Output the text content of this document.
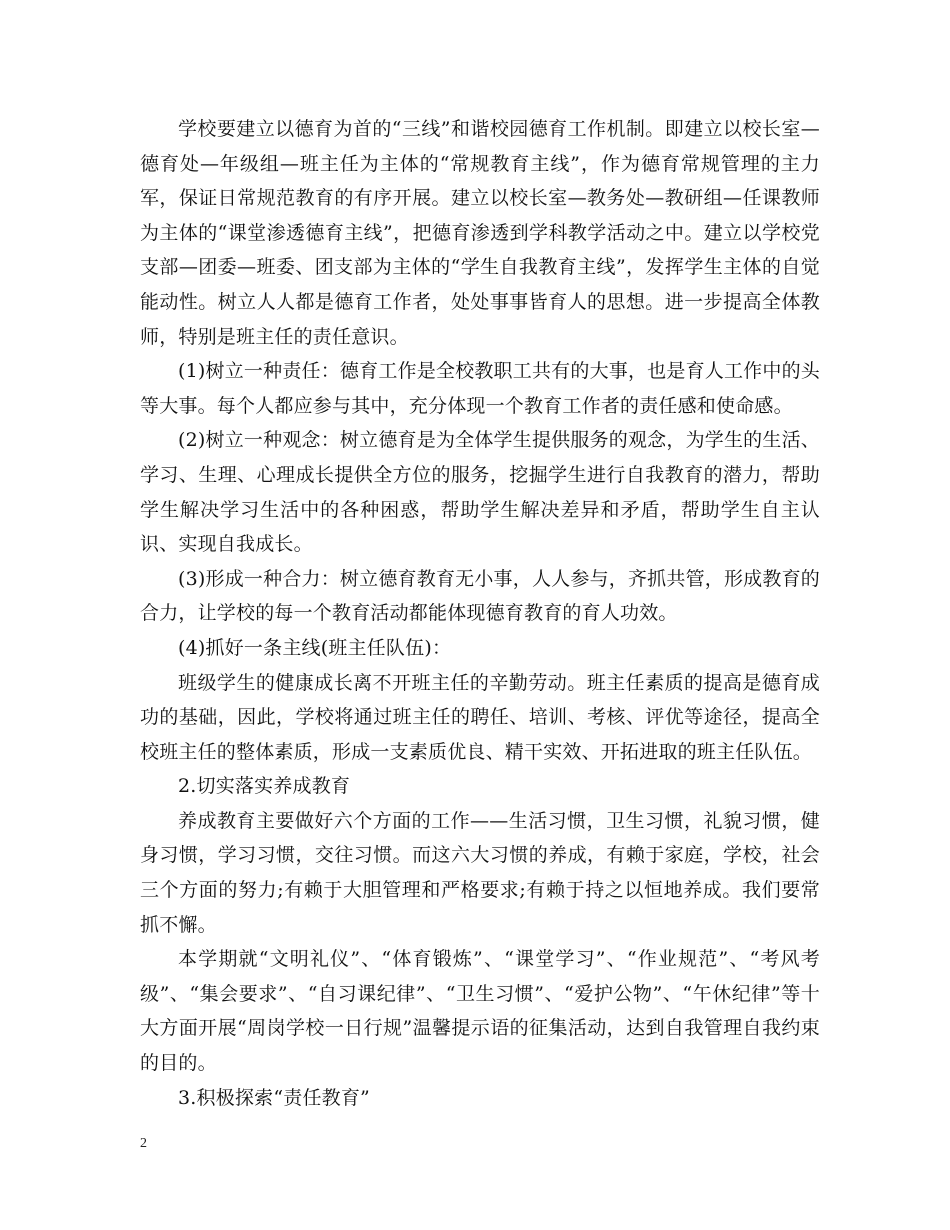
学校要建立以德育为首的“三线”和谐校园德育工作机制。即建立以校长室—德育处—年级组—班主任为主体的“常规教育主线”，作为德育常规管理的主力军，保证日常规范教育的有序开展。建立以校长室—教务处—教研组—任课教师为主体的“课堂渗透德育主线”，把德育渗透到学科教学活动之中。建立以学校党支部—团委—班委、团支部为主体的“学生自我教育主线”，发挥学生主体的自觉能动性。树立人人都是德育工作者，处处事事皆育人的思想。进一步提高全体教师，特别是班主任的责任意识。

(1)树立一种责任：德育工作是全校教职工共有的大事，也是育人工作中的头等大事。每个人都应参与其中，充分体现一个教育工作者的责任感和使命感。

(2)树立一种观念：树立德育是为全体学生提供服务的观念，为学生的生活、学习、生理、心理成长提供全方位的服务，挖掘学生进行自我教育的潜力，帮助学生解决学习生活中的各种困惑，帮助学生解决差异和矛盾，帮助学生自主认识、实现自我成长。

(3)形成一种合力：树立德育教育无小事，人人参与，齐抓共管，形成教育的合力，让学校的每一个教育活动都能体现德育教育的育人功效。

(4)抓好一条主线(班主任队伍)：

班级学生的健康成长离不开班主任的辛勤劳动。班主任素质的提高是德育成功的基础，因此，学校将通过班主任的聘任、培训、考核、评优等途径，提高全校班主任的整体素质，形成一支素质优良、精干实效、开拓进取的班主任队伍。

2.切实落实养成教育

养成教育主要做好六个方面的工作——生活习惯，卫生习惯，礼貌习惯，健身习惯，学习习惯，交往习惯。而这六大习惯的养成，有赖于家庭，学校，社会三个方面的努力;有赖于大胆管理和严格要求;有赖于持之以恒地养成。我们要常抓不懈。

本学期就“文明礼仪”、“体育锻炼”、“课堂学习”、“作业规范”、“考风考级”、“集会要求”、“自习课纪律”、“卫生习惯”、“爱护公物”、“午休纪律”等十大方面开展“周岗学校一日行规”温馨提示语的征集活动，达到自我管理自我约束的目的。

3.积极探索“责任教育”

2
